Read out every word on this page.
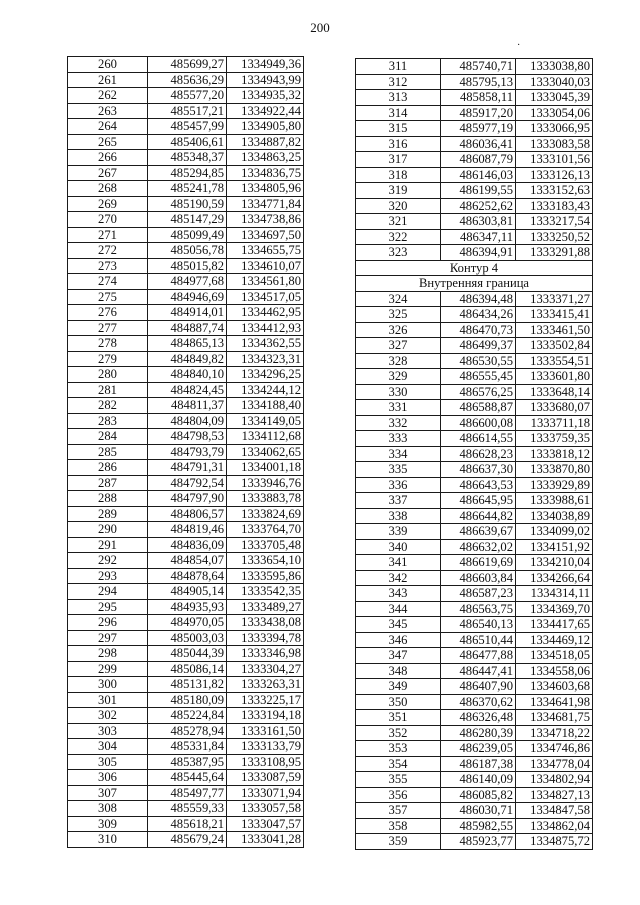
200
·
260	485699,27	1334949,36
261	485636,29	1334943,99
262	485577,20	1334935,32
263	485517,21	1334922,44
264	485457,99	1334905,80
265	485406,61	1334887,82
266	485348,37	1334863,25
267	485294,85	1334836,75
268	485241,78	1334805,96
269	485190,59	1334771,84
270	485147,29	1334738,86
271	485099,49	1334697,50
272	485056,78	1334655,75
273	485015,82	1334610,07
274	484977,68	1334561,80
275	484946,69	1334517,05
276	484914,01	1334462,95
277	484887,74	1334412,93
278	484865,13	1334362,55
279	484849,82	1334323,31
280	484840,10	1334296,25
281	484824,45	1334244,12
282	484811,37	1334188,40
283	484804,09	1334149,05
284	484798,53	1334112,68
285	484793,79	1334062,65
286	484791,31	1334001,18
287	484792,54	1333946,76
288	484797,90	1333883,78
289	484806,57	1333824,69
290	484819,46	1333764,70
291	484836,09	1333705,48
292	484854,07	1333654,10
293	484878,64	1333595,86
294	484905,14	1333542,35
295	484935,93	1333489,27
296	484970,05	1333438,08
297	485003,03	1333394,78
298	485044,39	1333346,98
299	485086,14	1333304,27
300	485131,82	1333263,31
301	485180,09	1333225,17
302	485224,84	1333194,18
303	485278,94	1333161,50
304	485331,84	1333133,79
305	485387,95	1333108,95
306	485445,64	1333087,59
307	485497,77	1333071,94
308	485559,33	1333057,58
309	485618,21	1333047,57
310	485679,24	1333041,28
311	485740,71	1333038,80
312	485795,13	1333040,03
313	485858,11	1333045,39
314	485917,20	1333054,06
315	485977,19	1333066,95
316	486036,41	1333083,58
317	486087,79	1333101,56
318	486146,03	1333126,13
319	486199,55	1333152,63
320	486252,62	1333183,43
321	486303,81	1333217,54
322	486347,11	1333250,52
323	486394,91	1333291,88
Контур 4		
Внутренняя граница		
324	486394,48	1333371,27
325	486434,26	1333415,41
326	486470,73	1333461,50
327	486499,37	1333502,84
328	486530,55	1333554,51
329	486555,45	1333601,80
330	486576,25	1333648,14
331	486588,87	1333680,07
332	486600,08	1333711,18
333	486614,55	1333759,35
334	486628,23	1333818,12
335	486637,30	1333870,80
336	486643,53	1333929,89
337	486645,95	1333988,61
338	486644,82	1334038,89
339	486639,67	1334099,02
340	486632,02	1334151,92
341	486619,69	1334210,04
342	486603,84	1334266,64
343	486587,23	1334314,11
344	486563,75	1334369,70
345	486540,13	1334417,65
346	486510,44	1334469,12
347	486477,88	1334518,05
348	486447,41	1334558,06
349	486407,90	1334603,68
350	486370,62	1334641,98
351	486326,48	1334681,75
352	486280,39	1334718,22
353	486239,05	1334746,86
354	486187,38	1334778,04
355	486140,09	1334802,94
356	486085,82	1334827,13
357	486030,71	1334847,58
358	485982,55	1334862,04
359	485923,77	1334875,72
